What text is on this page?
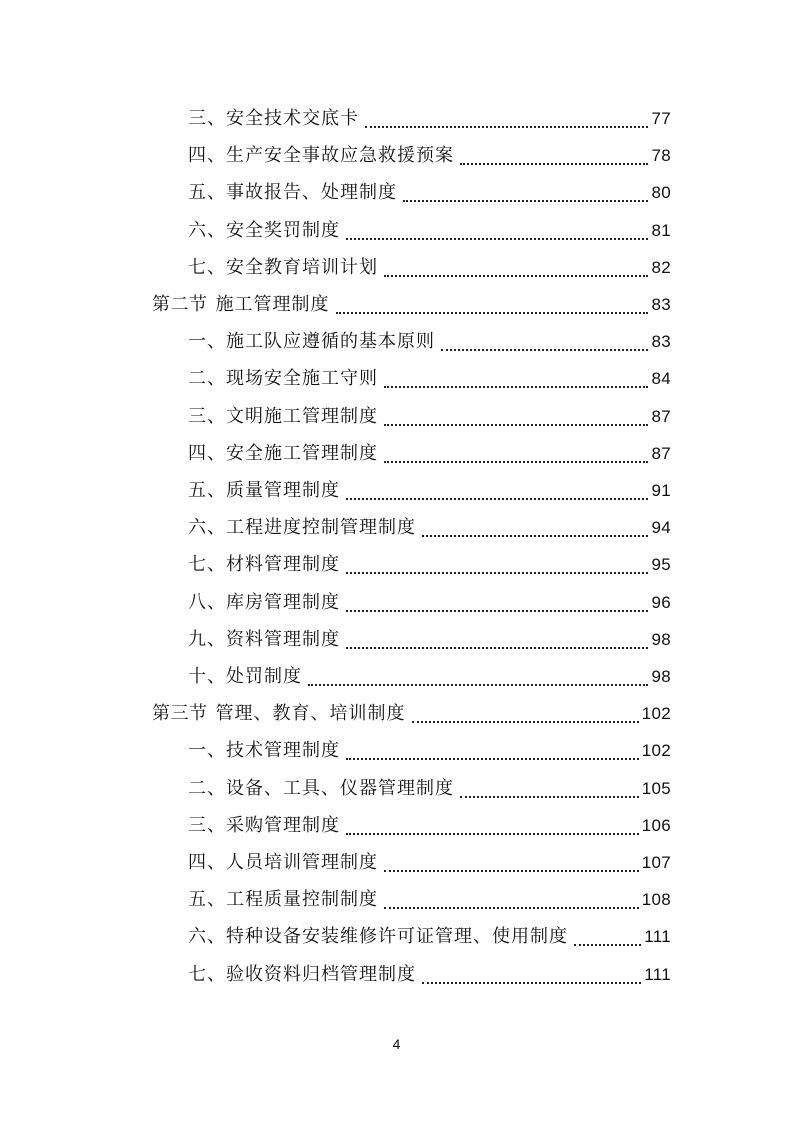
三、 安全技术交底卡	77
四、 生产安全事故应急救援预案	78
五、 事故报告、处理制度	80
六、 安全奖罚制度	81
七、 安全教育培训计划	82
第二节 施工管理制度	83
一、 施工队应遵循的基本原则	83
二、 现场安全施工守则	84
三、 文明施工管理制度	87
四、 安全施工管理制度	87
五、 质量管理制度	91
六、 工程进度控制管理制度	94
七、 材料管理制度	95
八、 库房管理制度	96
九、 资料管理制度	98
十、 处罚制度	98
第三节 管理、教育、培训制度	102
一、 技术管理制度	102
二、 设备、工具、仪器管理制度	105
三、 采购管理制度	106
四、 人员培训管理制度	107
五、 工程质量控制制度	108
六、 特种设备安装维修许可证管理、使用制度	111
七、 验收资料归档管理制度	111
4
